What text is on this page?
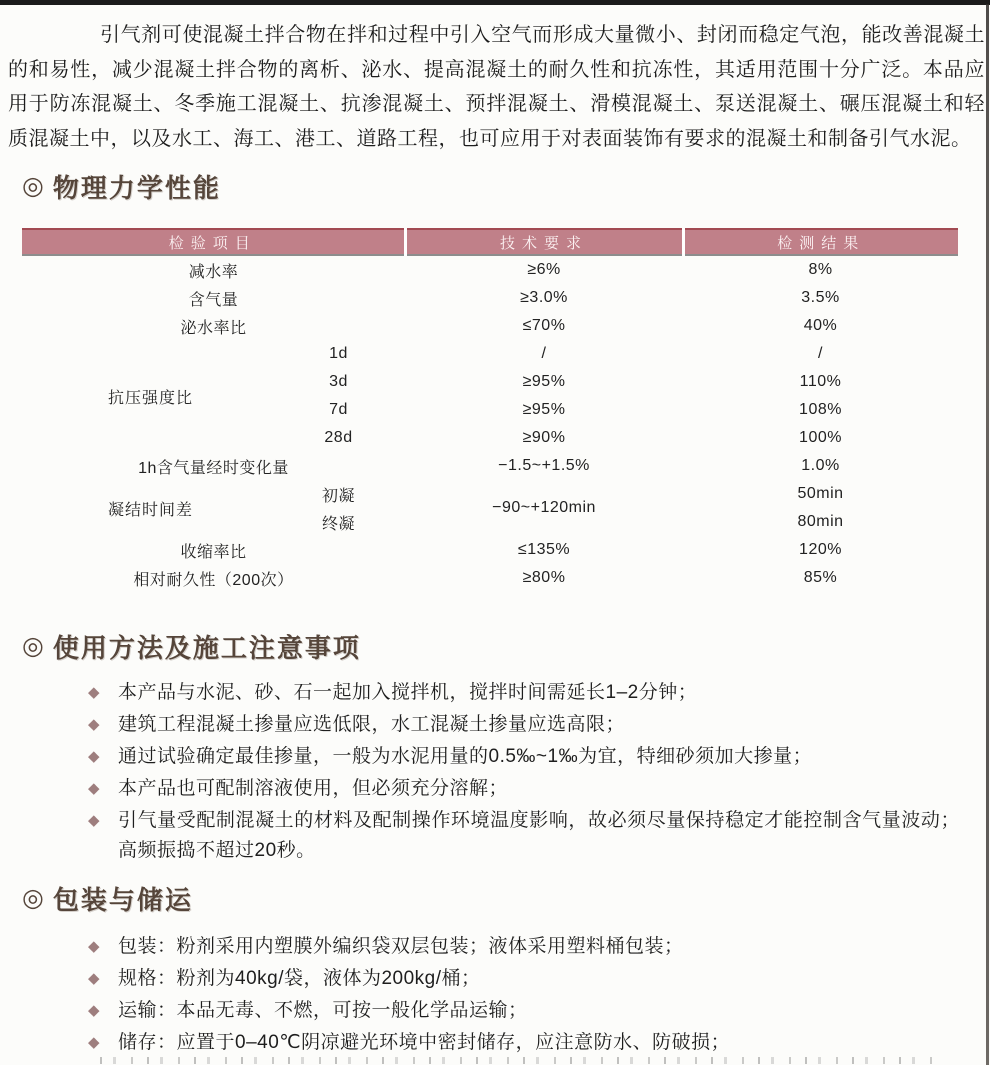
引气剂可使混凝土拌合物在拌和过程中引入空气而形成大量微小、封闭而稳定气泡，能改善混凝土的和易性，减少混凝土拌合物的离析、泌水、提高混凝土的耐久性和抗冻性，其适用范围十分广泛。本品应用于防冻混凝土、冬季施工混凝土、抗渗混凝土、预拌混凝土、滑模混凝土、泵送混凝土、碾压混凝土和轻质混凝土中，以及水工、海工、港工、道路工程，也可应用于对表面装饰有要求的混凝土和制备引气水泥。

◎ 物理力学性能
检验项目		技术要求	检测结果
减水率		≥6%	8%
含气量		≥3.0%	3.5%
泌水率比		≤70%	40%
抗压强度比	1d	/	/
	3d	≥95%	110%
	7d	≥95%	108%
	28d	≥90%	100%
1h含气量经时变化量		−1.5~+1.5%	1.0%
凝结时间差	初凝	−90~+120min	50min
	终凝		80min
收缩率比		≤135%	120%
相对耐久性（200次）		≥80%	85%
◎ 使用方法及施工注意事项
◆ 本产品与水泥、砂、石一起加入搅拌机，搅拌时间需延长1–2分钟；
◆ 建筑工程混凝土掺量应选低限，水工混凝土掺量应选高限；
◆ 通过试验确定最佳掺量，一般为水泥用量的0.5‰~1‰为宜，特细砂须加大掺量；
◆ 本产品也可配制溶液使用，但必须充分溶解；
◆ 引气量受配制混凝土的材料及配制操作环境温度影响，故必须尽量保持稳定才能控制含气量波动；高频振捣不超过20秒。
◎ 包装与储运
◆ 包装：粉剂采用内塑膜外编织袋双层包装；液体采用塑料桶包装；
◆ 规格：粉剂为40kg/袋，液体为200kg/桶；
◆ 运输：本品无毒、不燃，可按一般化学品运输；
◆ 储存：应置于0–40℃阴凉避光环境中密封储存，应注意防水、防破损；
